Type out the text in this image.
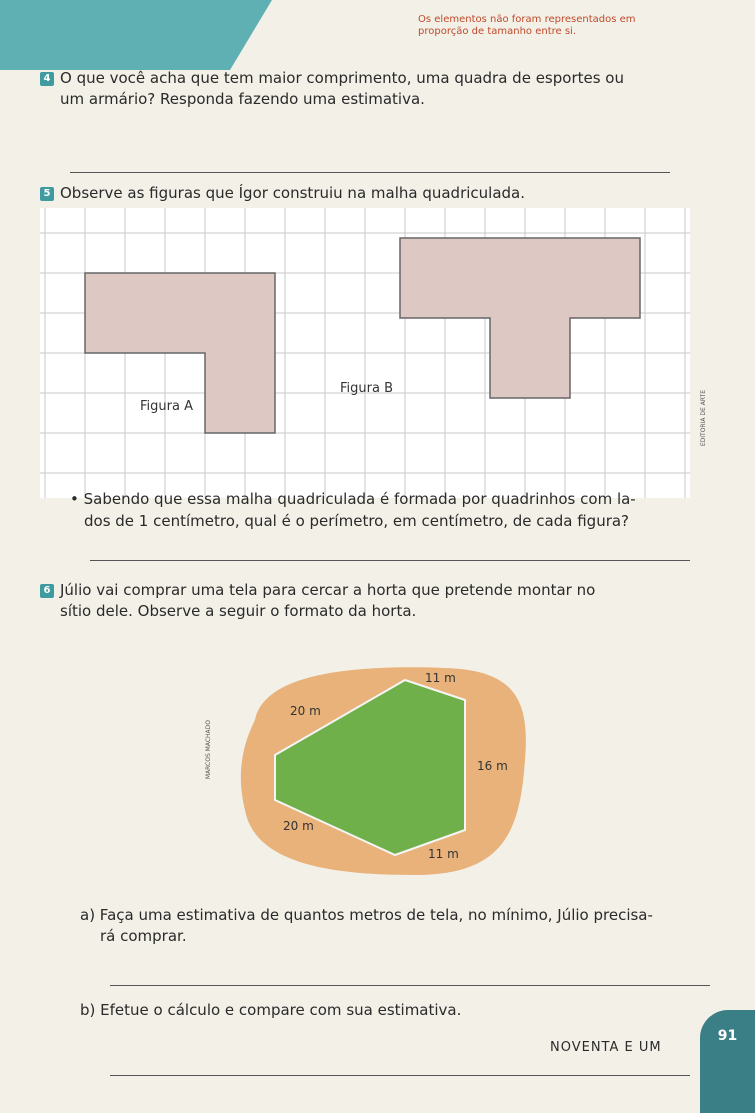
Os elementos não foram representados em
proporção de tamanho entre si.
4 O que você acha que tem maior comprimento, uma quadra de esportes ou
um armário? Responda fazendo uma estimativa.
5 Observe as figuras que Ígor construiu na malha quadriculada.
Figura A
Figura B
EDITORIA DE ARTE
• Sabendo que essa malha quadriculada é formada por quadrinhos com la-
dos de 1 centímetro, qual é o perímetro, em centímetro, de cada figura?
6 Júlio vai comprar uma tela para cercar a horta que pretende montar no
sítio dele. Observe a seguir o formato da horta.
11 m
20 m
16 m
20 m
11 m
MARCOS MACHADO
a) Faça uma estimativa de quantos metros de tela, no mínimo, Júlio precisa-
rá comprar.
b) Efetue o cálculo e compare com sua estimativa.
NOVENTA E UM
91
